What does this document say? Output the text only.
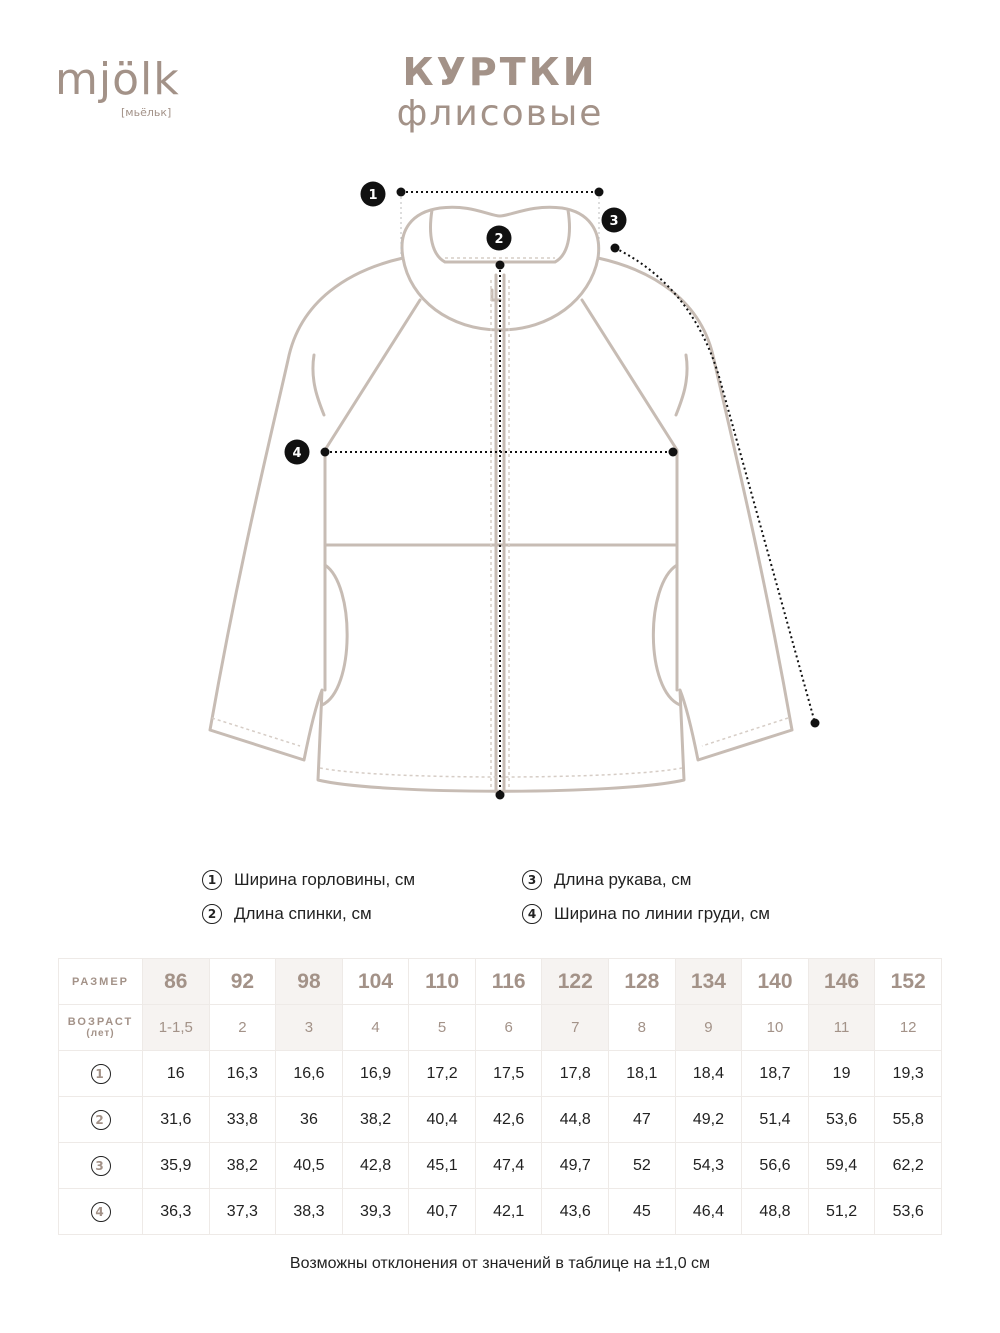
mjölk
[мьёльк]
КУРТКИ
флисовые
1
2
3
4
1	Ширина горловины, см
2	Длина спинки, см
3	Длина рукава, см
4	Ширина по линии груди, см
РАЗМЕР	86	92	98	104	110	116	122	128	134	140	146	152
ВОЗРАСТ
(лет)	1-1,5	2	3	4	5	6	7	8	9	10	11	12
1	16	16,3	16,6	16,9	17,2	17,5	17,8	18,1	18,4	18,7	19	19,3
2	31,6	33,8	36	38,2	40,4	42,6	44,8	47	49,2	51,4	53,6	55,8
3	35,9	38,2	40,5	42,8	45,1	47,4	49,7	52	54,3	56,6	59,4	62,2
4	36,3	37,3	38,3	39,3	40,7	42,1	43,6	45	46,4	48,8	51,2	53,6
Возможны отклонения от значений в таблице на ±1,0 см
